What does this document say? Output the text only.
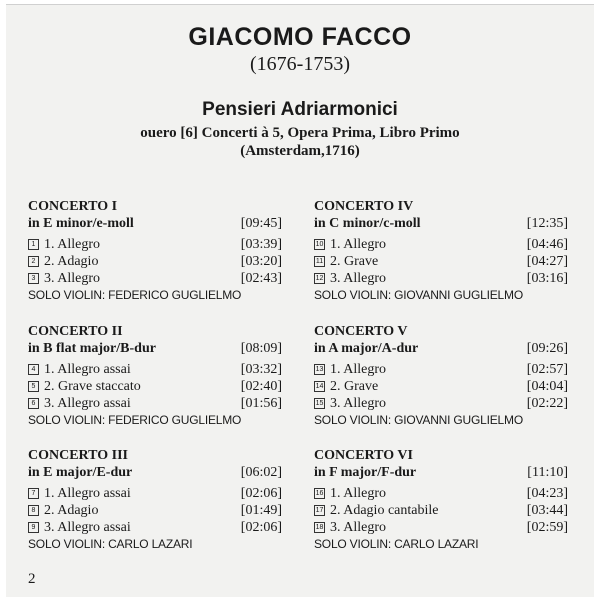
GIACOMO FACCO
(1676-1753)
Pensieri Adriarmonici
ouero [6] Concerti à 5, Opera Prima, Libro Primo
(Amsterdam,1716)
CONCERTO I
in E minor/e-moll	[09:45]
1 1. Allegro	[03:39]
2 2. Adagio	[03:20]
3 3. Allegro	[02:43]
SOLO VIOLIN: FEDERICO GUGLIELMO
CONCERTO II
in B flat major/B-dur	[08:09]
4 1. Allegro assai	[03:32]
5 2. Grave staccato	[02:40]
6 3. Allegro assai	[01:56]
SOLO VIOLIN: FEDERICO GUGLIELMO
CONCERTO III
in E major/E-dur	[06:02]
7 1. Allegro assai	[02:06]
8 2. Adagio	[01:49]
9 3. Allegro assai	[02:06]
SOLO VIOLIN: CARLO LAZARI
CONCERTO IV
in C minor/c-moll	[12:35]
10 1. Allegro	[04:46]
11 2. Grave	[04:27]
12 3. Allegro	[03:16]
SOLO VIOLIN: GIOVANNI GUGLIELMO
CONCERTO V
in A major/A-dur	[09:26]
13 1. Allegro	[02:57]
14 2. Grave	[04:04]
15 3. Allegro	[02:22]
SOLO VIOLIN: GIOVANNI GUGLIELMO
CONCERTO VI
in F major/F-dur	[11:10]
16 1. Allegro	[04:23]
17 2. Adagio cantabile	[03:44]
18 3. Allegro	[02:59]
SOLO VIOLIN: CARLO LAZARI
2
